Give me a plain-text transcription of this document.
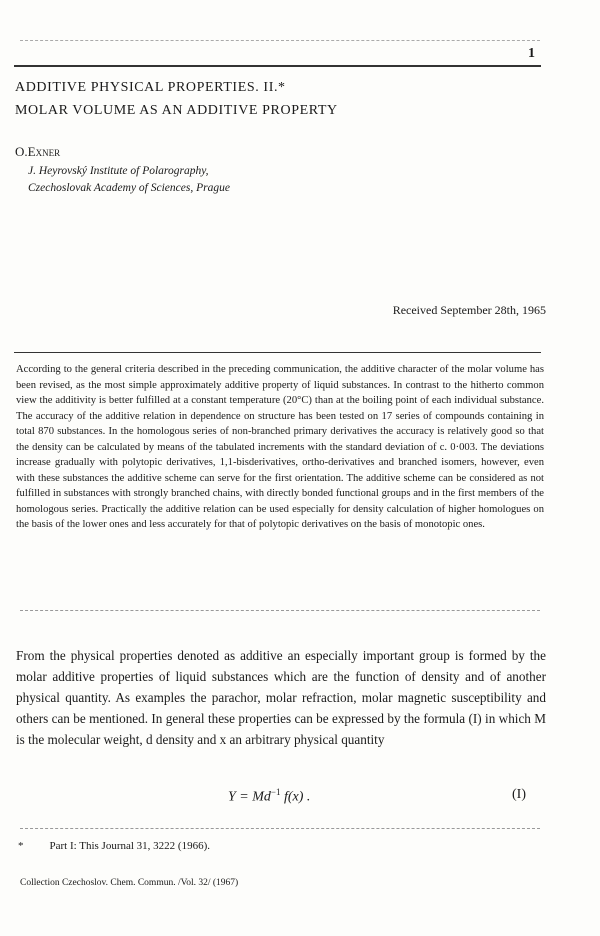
1
ADDITIVE PHYSICAL PROPERTIES. II.*
MOLAR VOLUME AS AN ADDITIVE PROPERTY
O.Exner
J. Heyrovský Institute of Polarography,
Czechoslovak Academy of Sciences, Prague
Received September 28th, 1965
According to the general criteria described in the preceding communication, the additive character of the molar volume has been revised, as the most simple approximately additive property of liquid substances. In contrast to the hitherto common view the additivity is better fulfilled at a constant temperature (20°C) than at the boiling point of each individual substance. The accuracy of the additive relation in dependence on structure has been tested on 17 series of compounds containing in total 870 substances. In the homologous series of non-branched primary derivatives the accuracy is relatively good so that the density can be calculated by means of the tabulated increments with the standard deviation of c. 0·003. The deviations increase gradually with polytopic derivatives, 1,1-bisderivatives, ortho-derivatives and branched isomers, however, even with these substances the additive scheme can serve for the first orientation. The additive scheme can be considered as not fulfilled in substances with strongly branched chains, with directly bonded functional groups and in the first members of the homologous series. Practically the additive relation can be used especially for density calculation of higher homologues on the basis of the lower ones and less accurately for that of polytopic derivatives on the basis of monotopic ones.
From the physical properties denoted as additive an especially important group is formed by the molar additive properties of liquid substances which are the function of density and of another physical quantity. As examples the parachor, molar refraction, molar magnetic susceptibility and others can be mentioned. In general these properties can be expressed by the formula (I) in which M is the molecular weight, d density and x an arbitrary physical quantity
$Y = Md^{-1}$ f(x) .	(I)
* Part I: This Journal 31, 3222 (1966).
Collection Czechoslov. Chem. Commun. /Vol. 32/ (1967)
